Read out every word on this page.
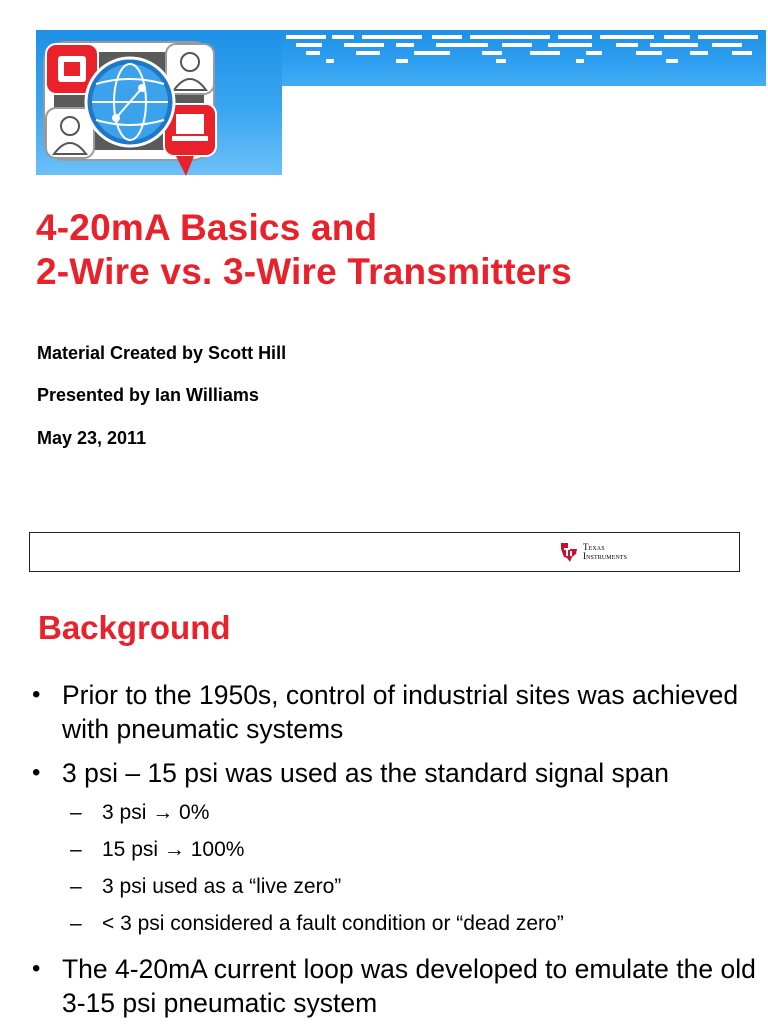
4-20mA Basics and
2-Wire vs. 3-Wire Transmitters
Material Created by Scott Hill
Presented by Ian Williams
May 23, 2011
Texas
Instruments
Background
• Prior to the 1950s, control of industrial sites was achieved with pneumatic systems
• 3 psi – 15 psi was used as the standard signal span
– 3 psi → 0%
– 15 psi → 100%
– 3 psi used as a “live zero”
– < 3 psi considered a fault condition or “dead zero”
• The 4-20mA current loop was developed to emulate the old 3-15 psi pneumatic system
